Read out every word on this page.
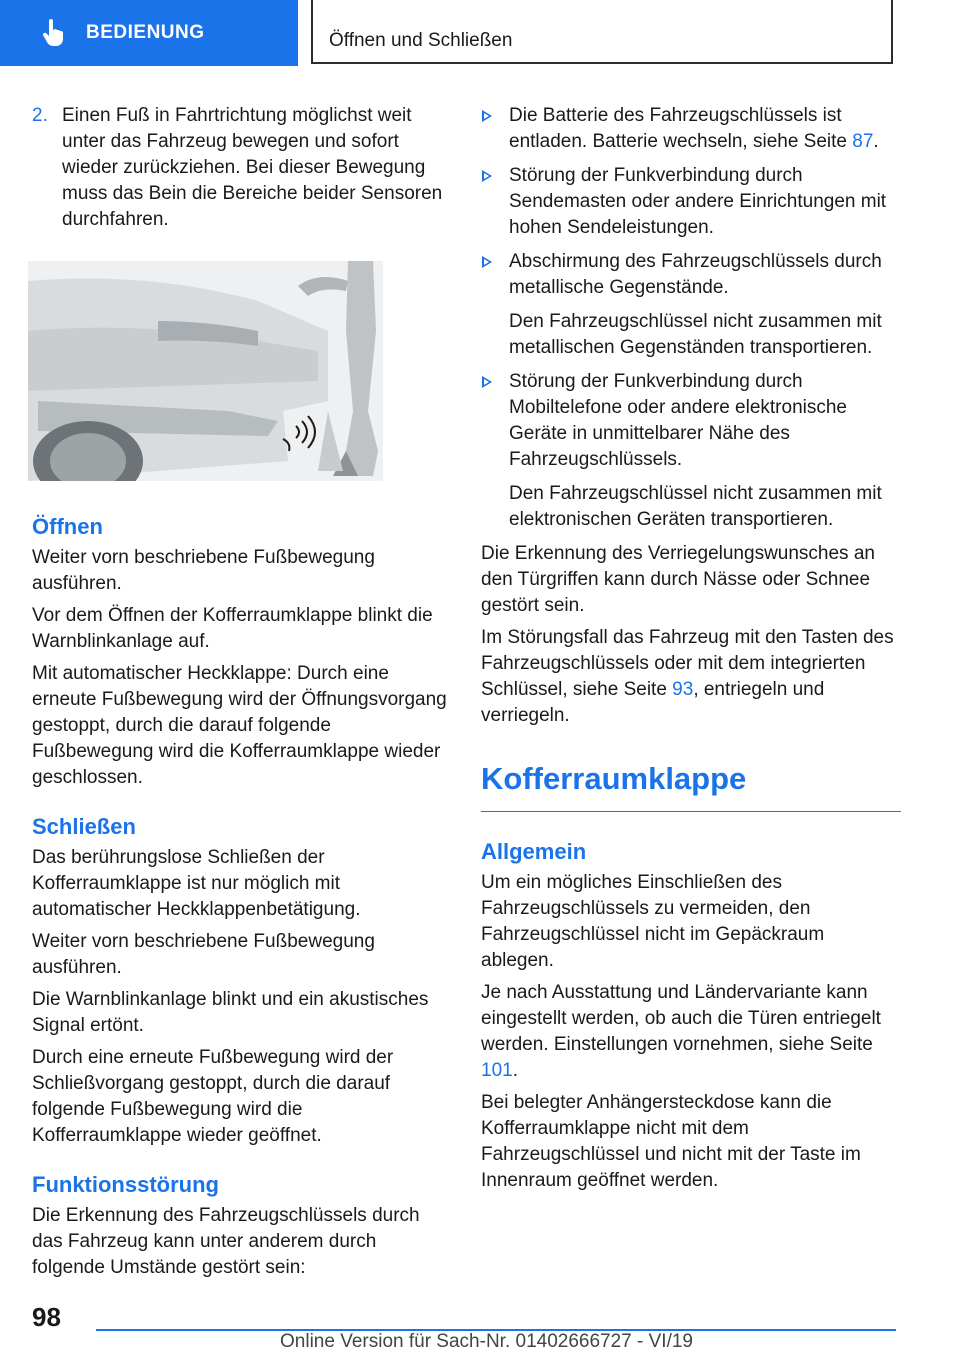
BEDIENUNG	Öffnen und Schließen

2. Einen Fuß in Fahrtrichtung möglichst weit unter das Fahrzeug bewegen und sofort wieder zurückziehen. Bei dieser Bewegung muss das Bein die Bereiche beider Sensoren durchfahren.

Öffnen

Weiter vorn beschriebene Fußbewegung ausführen.

Vor dem Öffnen der Kofferraumklappe blinkt die Warnblinkanlage auf.

Mit automatischer Heckklappe: Durch eine erneute Fußbewegung wird der Öffnungsvorgang gestoppt, durch die darauf folgende Fußbewegung wird die Kofferraumklappe wieder geschlossen.

Schließen

Das berührungslose Schließen der Kofferraumklappe ist nur möglich mit automatischer Heckklappenbetätigung.

Weiter vorn beschriebene Fußbewegung ausführen.

Die Warnblinkanlage blinkt und ein akustisches Signal ertönt.

Durch eine erneute Fußbewegung wird der Schließvorgang gestoppt, durch die darauf folgende Fußbewegung wird die Kofferraumklappe wieder geöffnet.

Funktionsstörung

Die Erkennung des Fahrzeugschlüssels durch das Fahrzeug kann unter anderem durch folgende Umstände gestört sein:

Die Batterie des Fahrzeugschlüssels ist entladen. Batterie wechseln, siehe Seite 87.
Störung der Funkverbindung durch Sendemasten oder andere Einrichtungen mit hohen Sendeleistungen.
Abschirmung des Fahrzeugschlüssels durch metallische Gegenstände.

Den Fahrzeugschlüssel nicht zusammen mit metallischen Gegenständen transportieren.

Störung der Funkverbindung durch Mobiltelefone oder andere elektronische Geräte in unmittelbarer Nähe des Fahrzeugschlüssels.

Den Fahrzeugschlüssel nicht zusammen mit elektronischen Geräten transportieren.

Die Erkennung des Verriegelungswunsches an den Türgriffen kann durch Nässe oder Schnee gestört sein.

Im Störungsfall das Fahrzeug mit den Tasten des Fahrzeugschlüssels oder mit dem integrierten Schlüssel, siehe Seite 93, entriegeln und verriegeln.

Kofferraumklappe
Allgemein

Um ein mögliches Einschließen des Fahrzeugschlüssels zu vermeiden, den Fahrzeugschlüssel nicht im Gepäckraum ablegen.

Je nach Ausstattung und Ländervariante kann eingestellt werden, ob auch die Türen entriegelt werden. Einstellungen vornehmen, siehe Seite 101.

Bei belegter Anhängersteckdose kann die Kofferraumklappe nicht mit dem Fahrzeugschlüssel und nicht mit der Taste im Innenraum geöffnet werden.

98
Online Version für Sach-Nr. 01402666727 - VI/19
